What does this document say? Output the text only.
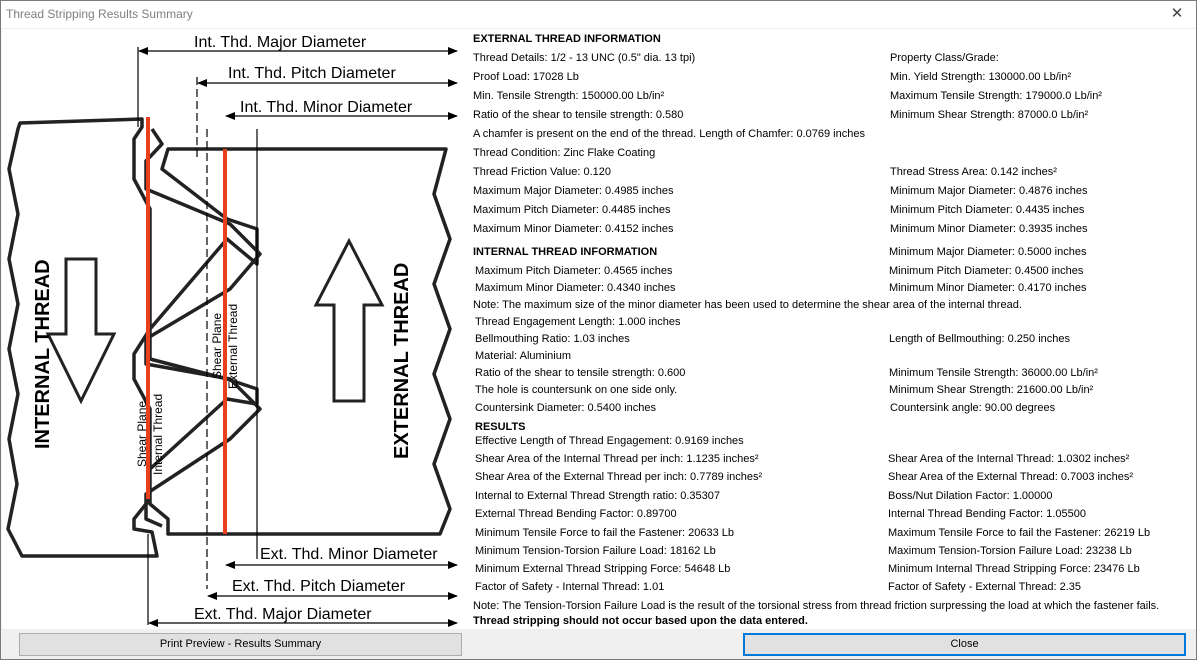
Thread Stripping Results Summary	✕
Int. Thd. Major Diameter
Int. Thd. Pitch Diameter
Int. Thd. Minor Diameter
Ext. Thd. Minor Diameter
Ext. Thd. Pitch Diameter
Ext. Thd. Major Diameter
INTERNAL THREAD	EXTERNAL THREAD
Shear Plane Internal Thread
Shear Plane External Thread
EXTERNAL THREAD INFORMATION
Thread Details: 1/2 - 13 UNC (0.5" dia. 13 tpi)	Property Class/Grade:
Proof Load: 17028 Lb	Min. Yield Strength: 130000.00 Lb/in²
Min. Tensile Strength: 150000.00 Lb/in²	Maximum Tensile Strength: 179000.0 Lb/in²
Ratio of the shear to tensile strength: 0.580	Minimum Shear Strength: 87000.0 Lb/in²
A chamfer is present on the end of the thread. Length of Chamfer: 0.0769 inches
Thread Condition: Zinc Flake Coating
Thread Friction Value: 0.120	Thread Stress Area: 0.142 inches²
Maximum Major Diameter: 0.4985 inches	Minimum Major Diameter: 0.4876 inches
Maximum Pitch Diameter: 0.4485 inches	Minimum Pitch Diameter: 0.4435 inches
Maximum Minor Diameter: 0.4152 inches	Minimum Minor Diameter: 0.3935 inches
INTERNAL THREAD INFORMATION	Minimum Major Diameter: 0.5000 inches
Maximum Pitch Diameter: 0.4565 inches	Minimum Pitch Diameter: 0.4500 inches
Maximum Minor Diameter: 0.4340 inches	Minimum Minor Diameter: 0.4170 inches
Note: The maximum size of the minor diameter has been used to determine the shear area of the internal thread.
Thread Engagement Length: 1.000 inches
Bellmouthing Ratio: 1.03 inches	Length of Bellmouthing: 0.250 inches
Material: Aluminium
Ratio of the shear to tensile strength: 0.600	Minimum Tensile Strength: 36000.00 Lb/in²
The hole is countersunk on one side only.	Minimum Shear Strength: 21600.00 Lb/in²
Countersink Diameter: 0.5400 inches	Countersink angle: 90.00 degrees
RESULTS
Effective Length of Thread Engagement: 0.9169 inches
Shear Area of the Internal Thread per inch: 1.1235 inches²	Shear Area of the Internal Thread: 1.0302 inches²
Shear Area of the External Thread per inch: 0.7789 inches²	Shear Area of the External Thread: 0.7003 inches²
Internal to External Thread Strength ratio: 0.35307	Boss/Nut Dilation Factor: 1.00000
External Thread Bending Factor: 0.89700	Internal Thread Bending Factor: 1.05500
Minimum Tensile Force to fail the Fastener: 20633 Lb	Maximum Tensile Force to fail the Fastener: 26219 Lb
Minimum Tension-Torsion Failure Load: 18162 Lb	Maximum Tension-Torsion Failure Load: 23238 Lb
Minimum External Thread Stripping Force: 54648 Lb	Minimum Internal Thread Stripping Force: 23476 Lb
Factor of Safety - Internal Thread: 1.01	Factor of Safety - External Thread: 2.35
Note: The Tension-Torsion Failure Load is the result of the torsional stress from thread friction surpressing the load at which the fastener fails.
Thread stripping should not occur based upon the data entered.
Print Preview - Results Summary	Close
